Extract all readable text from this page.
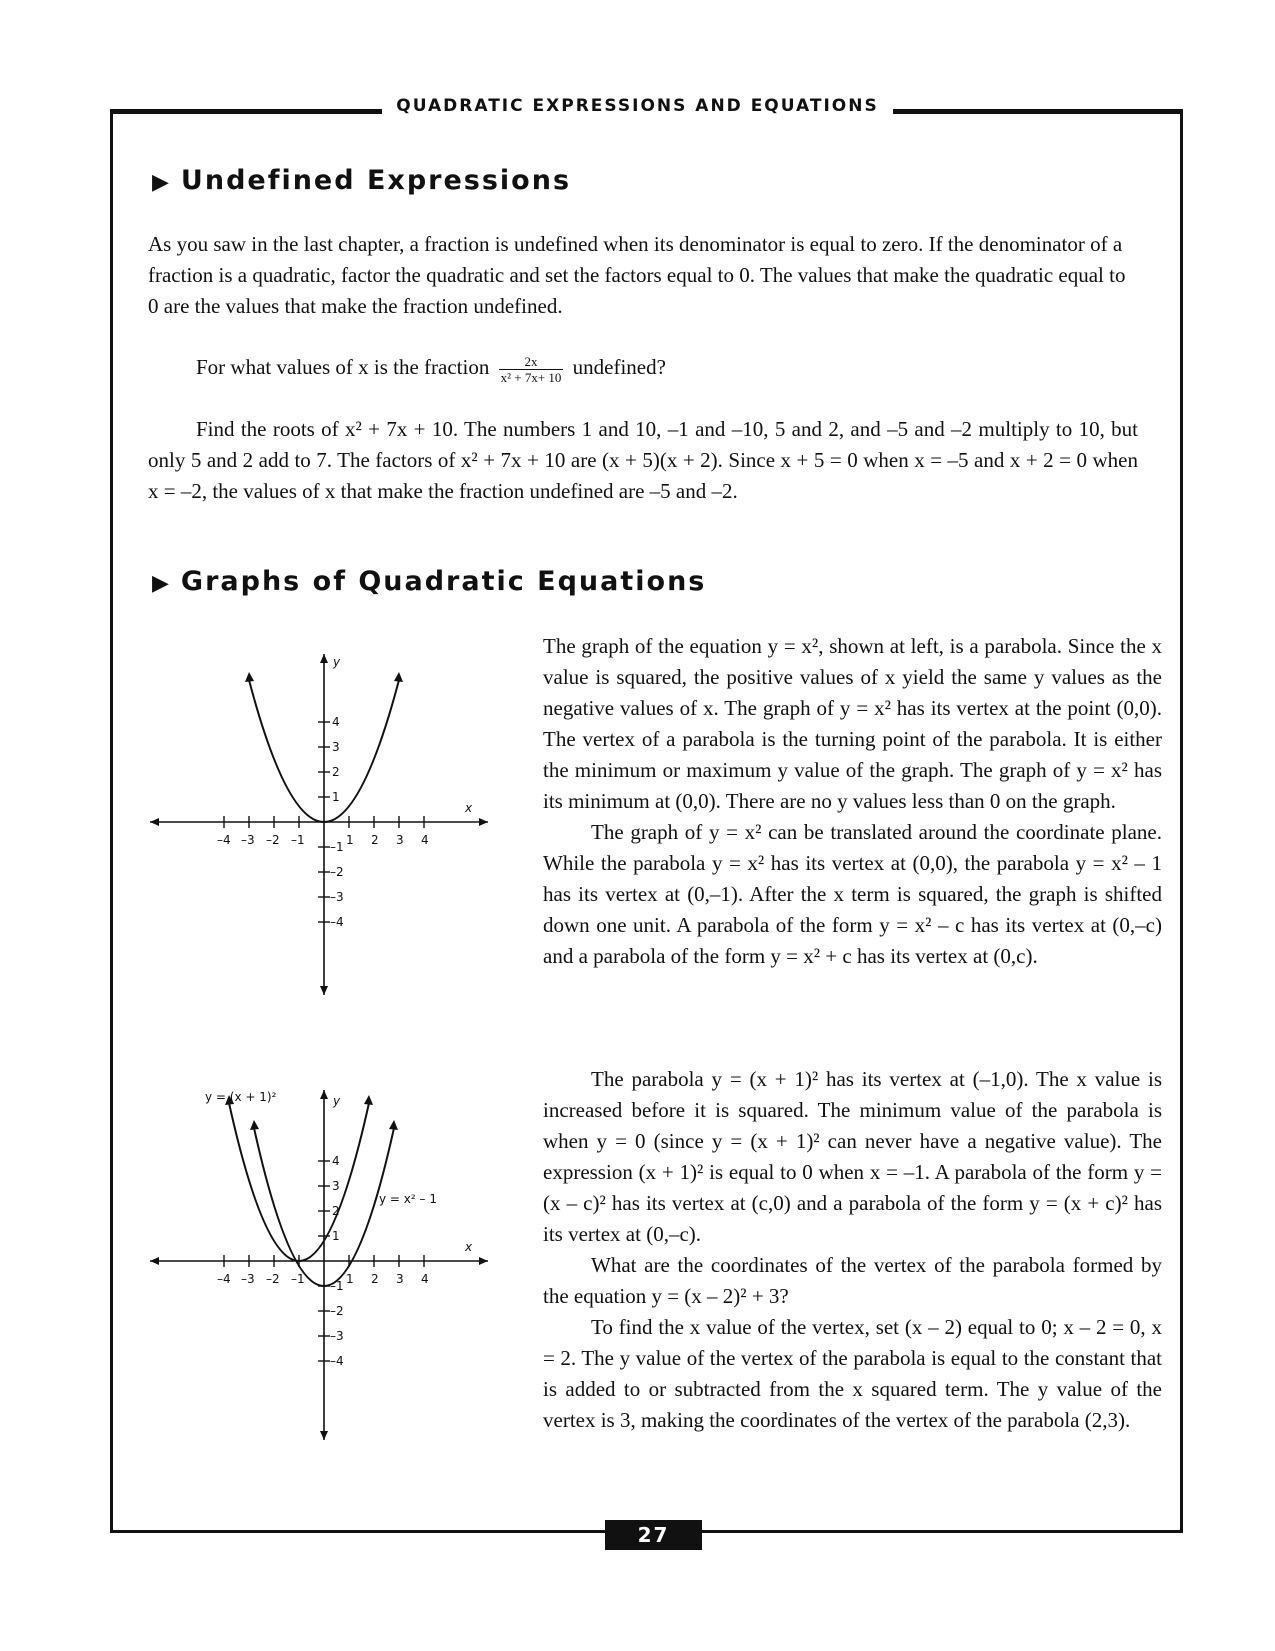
QUADRATIC EXPRESSIONS AND EQUATIONS
▶ Undefined Expressions

As you saw in the last chapter, a fraction is undefined when its denominator is equal to zero. If the denominator of a fraction is a quadratic, factor the quadratic and set the factors equal to 0. The values that make the quadratic equal to 0 are the values that make the fraction undefined.

For what values of x is the fraction $\frac{2x}{\text{x² + 7x+ 10}}$ undefined?

Find the roots of x² + 7x + 10. The numbers 1 and 10, –1 and –10, 5 and 2, and –5 and –2 multiply to 10, but only 5 and 2 add to 7. The factors of x² + 7x + 10 are (x + 5)(x + 2). Since x + 5 = 0 when x = –5 and x + 2 = 0 when x = –2, the values of x that make the fraction undefined are –5 and –2.

▶ Graphs of Quadratic Equations
y
x
–4 –3 –2 –1	1 2 3 4
4
3
2
1
–1
–2
–3
–4
y
x
y = (x + 1)²
y = x² – 1
–4 –3 –2 –1	1 2 3 4
4
3
2
1
–1
–2
–3
–4

The graph of the equation y = x², shown at left, is a parabola. Since the x value is squared, the positive values of x yield the same y values as the negative values of x. The graph of y = x² has its vertex at the point (0,0). The vertex of a parabola is the turning point of the parabola. It is either the minimum or maximum y value of the graph. The graph of y = x² has its minimum at (0,0). There are no y values less than 0 on the graph.

The graph of y = x² can be translated around the coordinate plane. While the parabola y = x² has its vertex at (0,0), the parabola y = x² – 1 has its vertex at (0,–1). After the x term is squared, the graph is shifted down one unit. A parabola of the form y = x² – c has its vertex at (0,–c) and a parabola of the form y = x² + c has its vertex at (0,c).

The parabola y = (x + 1)² has its vertex at (–1,0). The x value is increased before it is squared. The minimum value of the parabola is when y = 0 (since y = (x + 1)² can never have a negative value). The expression (x + 1)² is equal to 0 when x = –1. A parabola of the form y = (x – c)² has its vertex at (c,0) and a parabola of the form y = (x + c)² has its vertex at (0,–c).

What are the coordinates of the vertex of the parabola formed by the equation y = (x – 2)² + 3?

To find the x value of the vertex, set (x – 2) equal to 0; x – 2 = 0, x = 2. The y value of the vertex of the parabola is equal to the constant that is added to or subtracted from the x squared term. The y value of the vertex is 3, making the coordinates of the vertex of the parabola (2,3).

27
